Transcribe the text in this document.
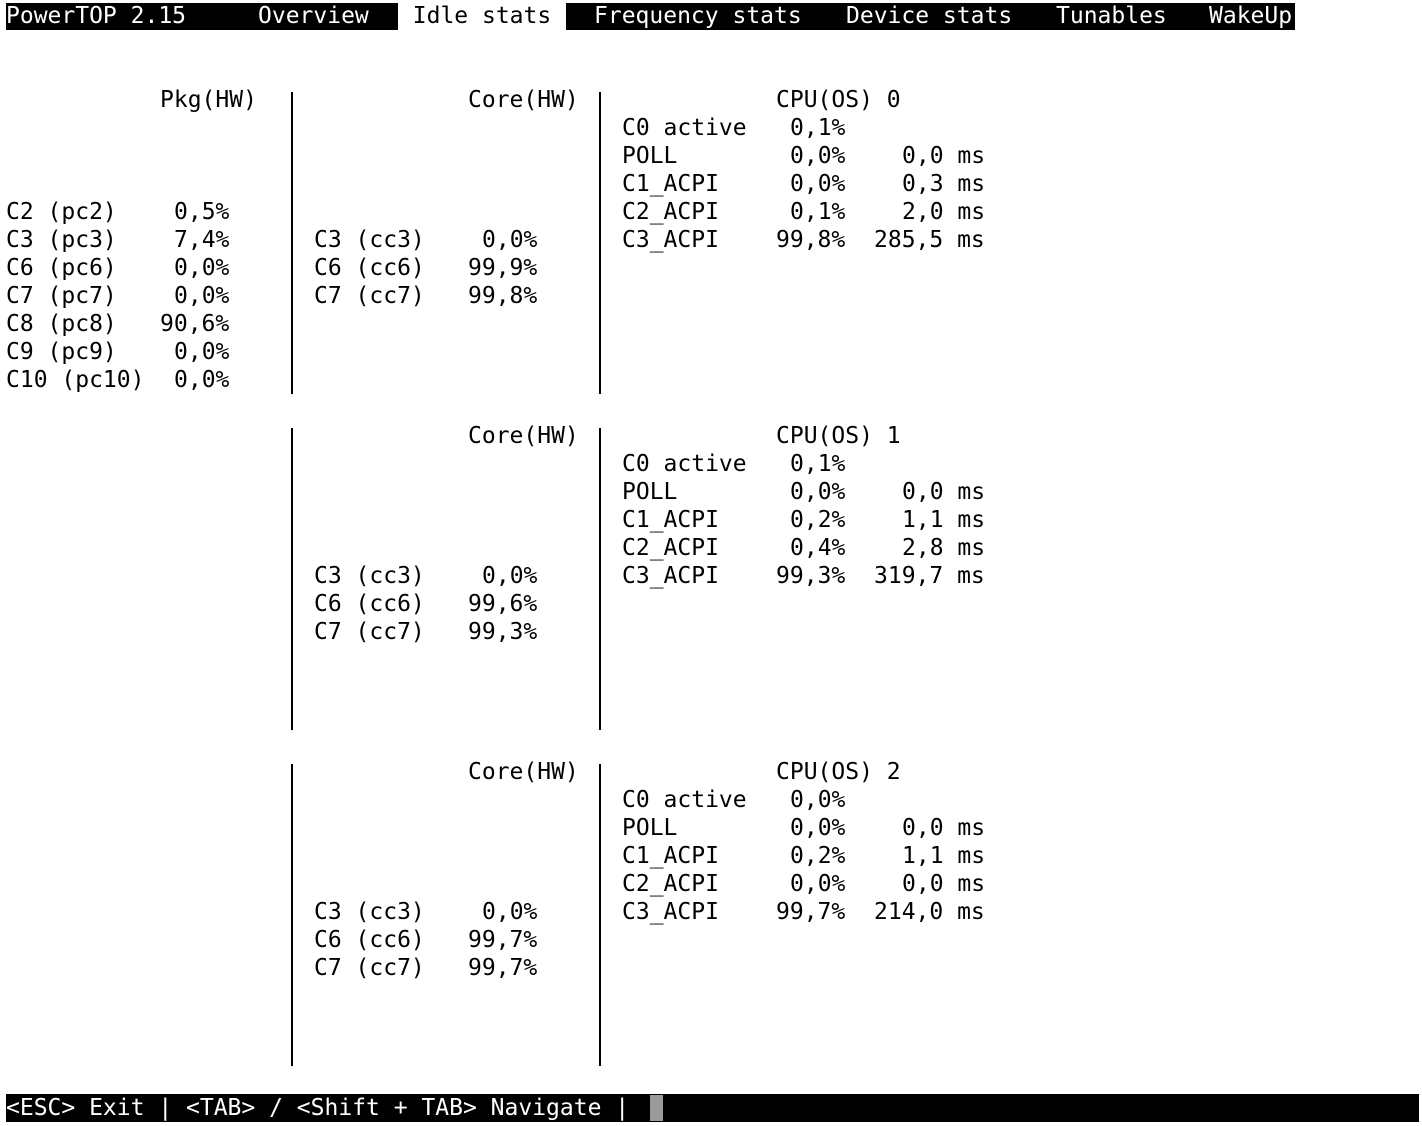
PowerTOP 2.15	Overview	Idle stats	Frequency stats Device stats Tunables WakeUp
Pkg(HW)
C2 (pc2) 0,5%
C3 (pc3) 7,4%
C6 (pc6) 0,0%
C7 (pc7) 0,0%
C8 (pc8) 90,6%
C9 (pc9) 0,0%
C10 (pc10) 0,0%
Core(HW)	CPU(OS) 0
C3 (cc3) 0,0%
C6 (cc6) 99,9%
C7 (cc7) 99,8%
C0 active 0,1%
POLL	0,0% 0,0 ms
C1_ACPI	0,0% 0,3 ms
C2_ACPI	0,1% 2,0 ms
C3_ACPI 99,8% 285,5 ms
Core(HW)	CPU(OS) 1
C3 (cc3) 0,0%
C6 (cc6) 99,6%
C7 (cc7) 99,3%
C0 active 0,1%
POLL	0,0% 0,0 ms
C1_ACPI	0,2% 1,1 ms
C2_ACPI	0,4% 2,8 ms
C3_ACPI 99,3% 319,7 ms
Core(HW)	CPU(OS) 2
C3 (cc3) 0,0%
C6 (cc6) 99,7%
C7 (cc7) 99,7%
C0 active 0,0%
POLL	0,0% 0,0 ms
C1_ACPI	0,2% 1,1 ms
C2_ACPI	0,0% 0,0 ms
C3_ACPI 99,7% 214,0 ms
<ESC> Exit | <TAB> / <Shift + TAB> Navigate |
